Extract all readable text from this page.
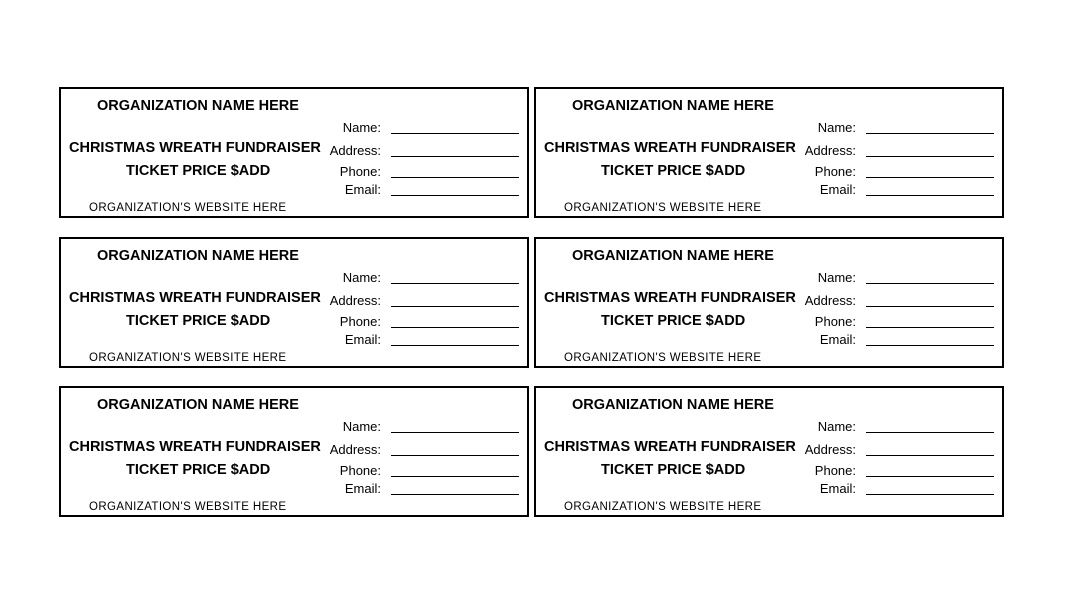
ORGANIZATION NAME HERE
CHRISTMAS WREATH FUNDRAISER
TICKET PRICE $ADD
ORGANIZATION'S WEBSITE HERE
Name:
Address:
Phone:
Email:
ORGANIZATION NAME HERE
CHRISTMAS WREATH FUNDRAISER
TICKET PRICE $ADD
ORGANIZATION'S WEBSITE HERE
Name:
Address:
Phone:
Email:
ORGANIZATION NAME HERE
CHRISTMAS WREATH FUNDRAISER
TICKET PRICE $ADD
ORGANIZATION'S WEBSITE HERE
Name:
Address:
Phone:
Email:
ORGANIZATION NAME HERE
CHRISTMAS WREATH FUNDRAISER
TICKET PRICE $ADD
ORGANIZATION'S WEBSITE HERE
Name:
Address:
Phone:
Email:
ORGANIZATION NAME HERE
CHRISTMAS WREATH FUNDRAISER
TICKET PRICE $ADD
ORGANIZATION'S WEBSITE HERE
Name:
Address:
Phone:
Email:
ORGANIZATION NAME HERE
CHRISTMAS WREATH FUNDRAISER
TICKET PRICE $ADD
ORGANIZATION'S WEBSITE HERE
Name:
Address:
Phone:
Email:
